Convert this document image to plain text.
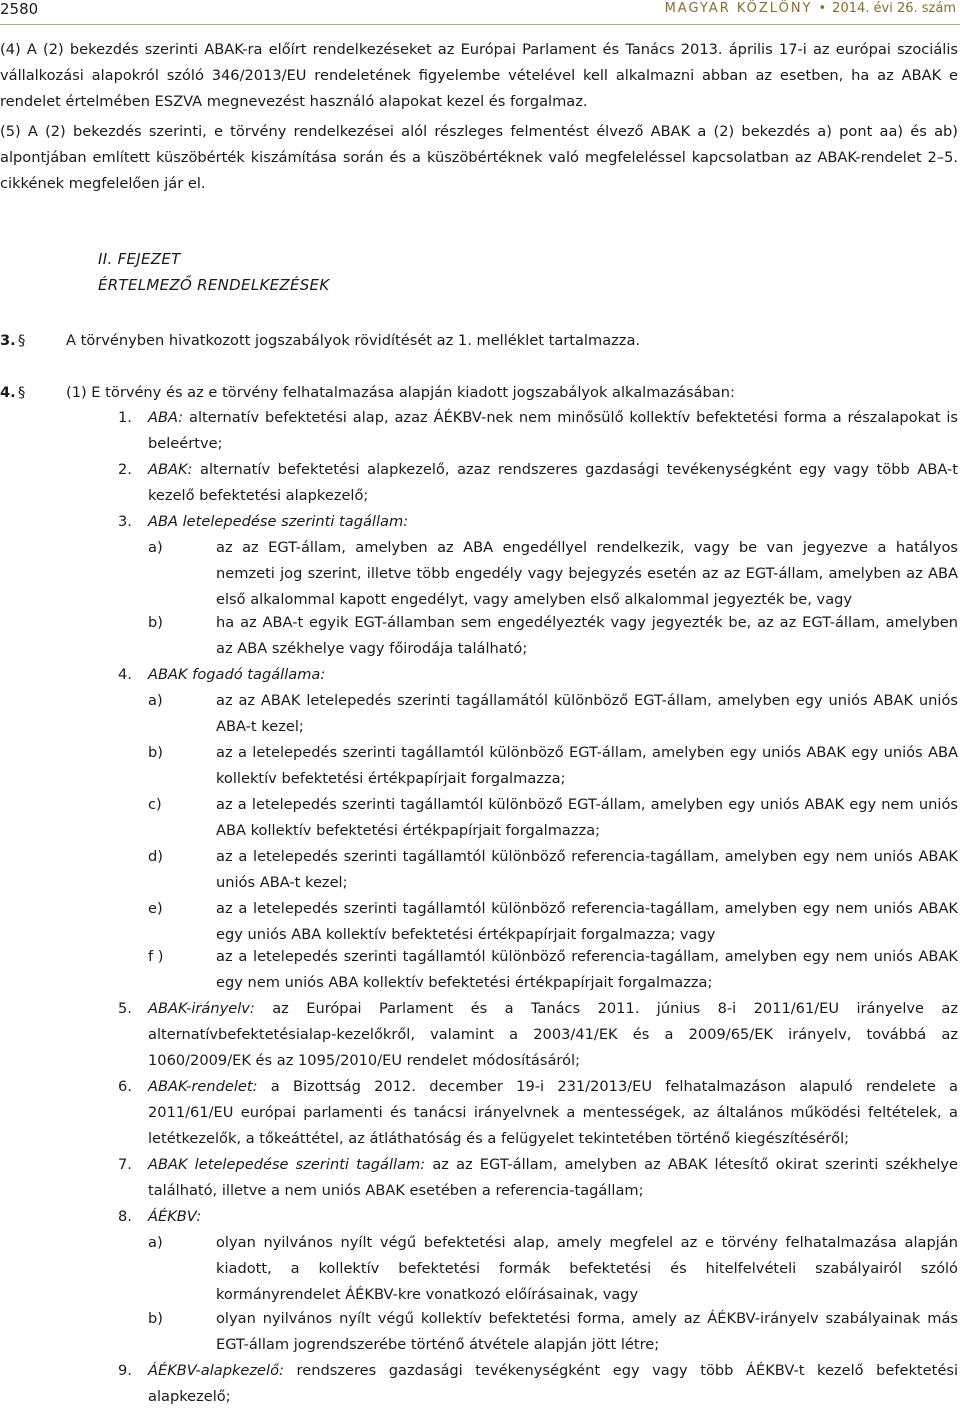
2580	MAGYAR KÖZLÖNY • 2014. évi 26. szám

(4) A (2) bekezdés szerinti ABAK-ra előírt rendelkezéseket az Európai Parlament és Tanács 2013. április 17-i az európai szociális vállalkozási alapokról szóló 346/2013/EU rendeletének figyelembe vételével kell alkalmazni abban az esetben, ha az ABAK e rendelet értelmében ESZVA megnevezést használó alapokat kezel és forgalmaz.

(5) A (2) bekezdés szerinti, e törvény rendelkezései alól részleges felmentést élvező ABAK a (2) bekezdés a) pont aa) és ab) alpontjában említett küszöbérték kiszámítása során és a küszöbértéknek való megfeleléssel kapcsolatban az ABAK-rendelet 2–5. cikkének megfelelően jár el.

II. FEJEZET
ÉRTELMEZŐ RENDELKEZÉSEK
3. §	A törvényben hivatkozott jogszabályok rövidítését az 1. melléklet tartalmazza.
4. §	(1) E törvény és az e törvény felhatalmazása alapján kiadott jogszabályok alkalmazásában:
1. ABA: alternatív befektetési alap, azaz ÁÉKBV-nek nem minősülő kollektív befektetési forma a részalapokat is beleértve;
2. ABAK: alternatív befektetési alapkezelő, azaz rendszeres gazdasági tevékenységként egy vagy több ABA-t kezelő befektetési alapkezelő;
3. ABA letelepedése szerinti tagállam:
a)	az az EGT-állam, amelyben az ABA engedéllyel rendelkezik, vagy be van jegyezve a hatályos nemzeti jog szerint, illetve több engedély vagy bejegyzés esetén az az EGT-állam, amelyben az ABA első alkalommal kapott engedélyt, vagy amelyben első alkalommal jegyezték be, vagy
b)	ha az ABA-t egyik EGT-államban sem engedélyezték vagy jegyezték be, az az EGT-állam, amelyben az ABA székhelye vagy főirodája található;
4. ABAK fogadó tagállama:
a)	az az ABAK letelepedés szerinti tagállamától különböző EGT-állam, amelyben egy uniós ABAK uniós ABA-t kezel;
b)	az a letelepedés szerinti tagállamtól különböző EGT-állam, amelyben egy uniós ABAK egy uniós ABA kollektív befektetési értékpapírjait forgalmazza;
c)	az a letelepedés szerinti tagállamtól különböző EGT-állam, amelyben egy uniós ABAK egy nem uniós ABA kollektív befektetési értékpapírjait forgalmazza;
d)	az a letelepedés szerinti tagállamtól különböző referencia-tagállam, amelyben egy nem uniós ABAK uniós ABA-t kezel;
e)	az a letelepedés szerinti tagállamtól különböző referencia-tagállam, amelyben egy nem uniós ABAK egy uniós ABA kollektív befektetési értékpapírjait forgalmazza; vagy
f )	az a letelepedés szerinti tagállamtól különböző referencia-tagállam, amelyben egy nem uniós ABAK egy nem uniós ABA kollektív befektetési értékpapírjait forgalmazza;
5. ABAK-irányelv: az Európai Parlament és a Tanács 2011. június 8-i 2011/61/EU irányelve az alternatívbefektetésialap-kezelőkről, valamint a 2003/41/EK és a 2009/65/EK irányelv, továbbá az 1060/2009/EK és az 1095/2010/EU rendelet módosításáról;
6. ABAK-rendelet: a Bizottság 2012. december 19-i 231/2013/EU felhatalmazáson alapuló rendelete a 2011/61/EU európai parlamenti és tanácsi irányelvnek a mentességek, az általános működési feltételek, a letétkezelők, a tőkeáttétel, az átláthatóság és a felügyelet tekintetében történő kiegészítéséről;
7. ABAK letelepedése szerinti tagállam: az az EGT-állam, amelyben az ABAK létesítő okirat szerinti székhelye található, illetve a nem uniós ABAK esetében a referencia-tagállam;
8. ÁÉKBV:
a)	olyan nyilvános nyílt végű befektetési alap, amely megfelel az e törvény felhatalmazása alapján kiadott, a kollektív befektetési formák befektetési és hitelfelvételi szabályairól szóló kormányrendelet ÁÉKBV-kre vonatkozó előírásainak, vagy
b)	olyan nyilvános nyílt végű kollektív befektetési forma, amely az ÁÉKBV-irányelv szabályainak más EGT-állam jogrendszerébe történő átvétele alapján jött létre;
9. ÁÉKBV-alapkezelő: rendszeres gazdasági tevékenységként egy vagy több ÁÉKBV-t kezelő befektetési alapkezelő;
